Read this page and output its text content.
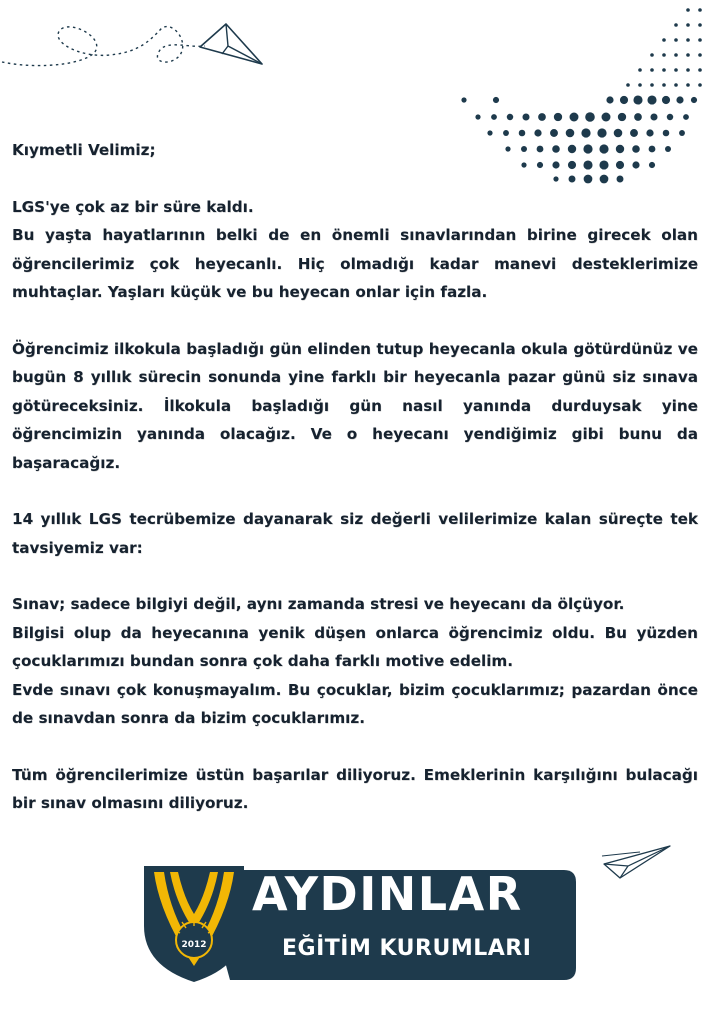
Kıymetli Velimiz;

LGS'ye çok az bir süre kaldı.

Bu yaşta hayatlarının belki de en önemli sınavlarından birine girecek olan öğrencilerimiz çok heyecanlı. Hiç olmadığı kadar manevi desteklerimize muhtaçlar. Yaşları küçük ve bu heyecan onlar için fazla.

Öğrencimiz ilkokula başladığı gün elinden tutup heyecanla okula götürdünüz ve bugün 8 yıllık sürecin sonunda yine farklı bir heyecanla pazar günü siz sınava götüreceksiniz. İlkokula başladığı gün nasıl yanında durduysak yine öğrencimizin yanında olacağız. Ve o heyecanı yendiğimiz gibi bunu da başaracağız.

14 yıllık LGS tecrübemize dayanarak siz değerli velilerimize kalan süreçte tek tavsiyemiz var:

Sınav; sadece bilgiyi değil, aynı zamanda stresi ve heyecanı da ölçüyor.

Bilgisi olup da heyecanına yenik düşen onlarca öğrencimiz oldu. Bu yüzden çocuklarımızı bundan sonra çok daha farklı motive edelim.

Evde sınavı çok konuşmayalım. Bu çocuklar, bizim çocuklarımız; pazardan önce de sınavdan sonra da bizim çocuklarımız.

Tüm öğrencilerimize üstün başarılar diliyoruz. Emeklerinin karşılığını bulacağı bir sınav olmasını diliyoruz.

2012
AYDINLAR
EĞİTİM KURUMLARI
